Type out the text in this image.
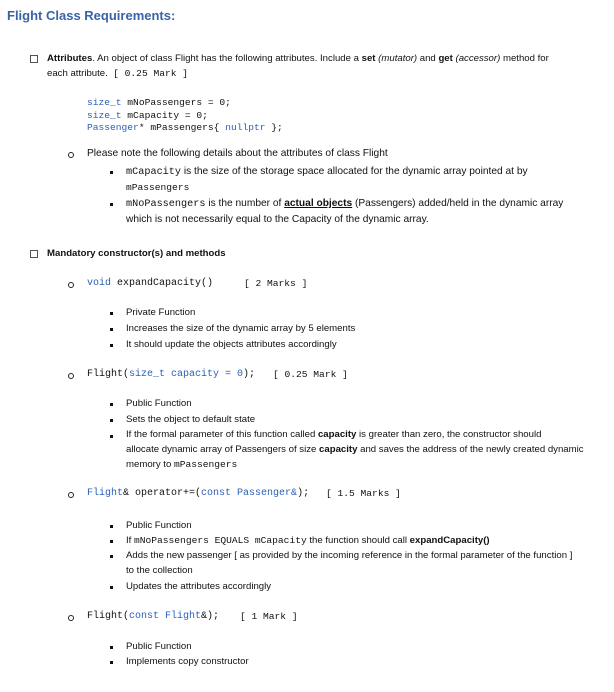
Flight Class Requirements:
Attributes. An object of class Flight has the following attributes. Include a set (mutator) and get (accessor) method for
each attribute. [ 0.25 Mark ]
size_t mNoPassengers = 0;
size_t mCapacity = 0;
Passenger* mPassengers{ nullptr };
Please note the following details about the attributes of class Flight
mCapacity is the size of the storage space allocated for the dynamic array pointed at by
mPassengers
mNoPassengers is the number of actual objects (Passengers) added/held in the dynamic array
which is not necessarily equal to the Capacity of the dynamic array.
Mandatory constructor(s) and methods
void expandCapacity()	[ 2 Marks ]
Private Function
Increases the size of the dynamic array by 5 elements
It should update the objects attributes accordingly
Flight(size_t capacity = 0); [ 0.25 Mark ]
Public Function
Sets the object to default state
If the formal parameter of this function called capacity is greater than zero, the constructor should
allocate dynamic array of Passengers of size capacity and saves the address of the newly created dynamic
memory to mPassengers
Flight& operator+=(const Passenger&); [ 1.5 Marks ]
Public Function
If mNoPassengers EQUALS mCapacity the function should call expandCapacity()
Adds the new passenger [ as provided by the incoming reference in the formal parameter of the function ]
to the collection
Updates the attributes accordingly
Flight(const Flight&); [ 1 Mark ]
Public Function
Implements copy constructor
